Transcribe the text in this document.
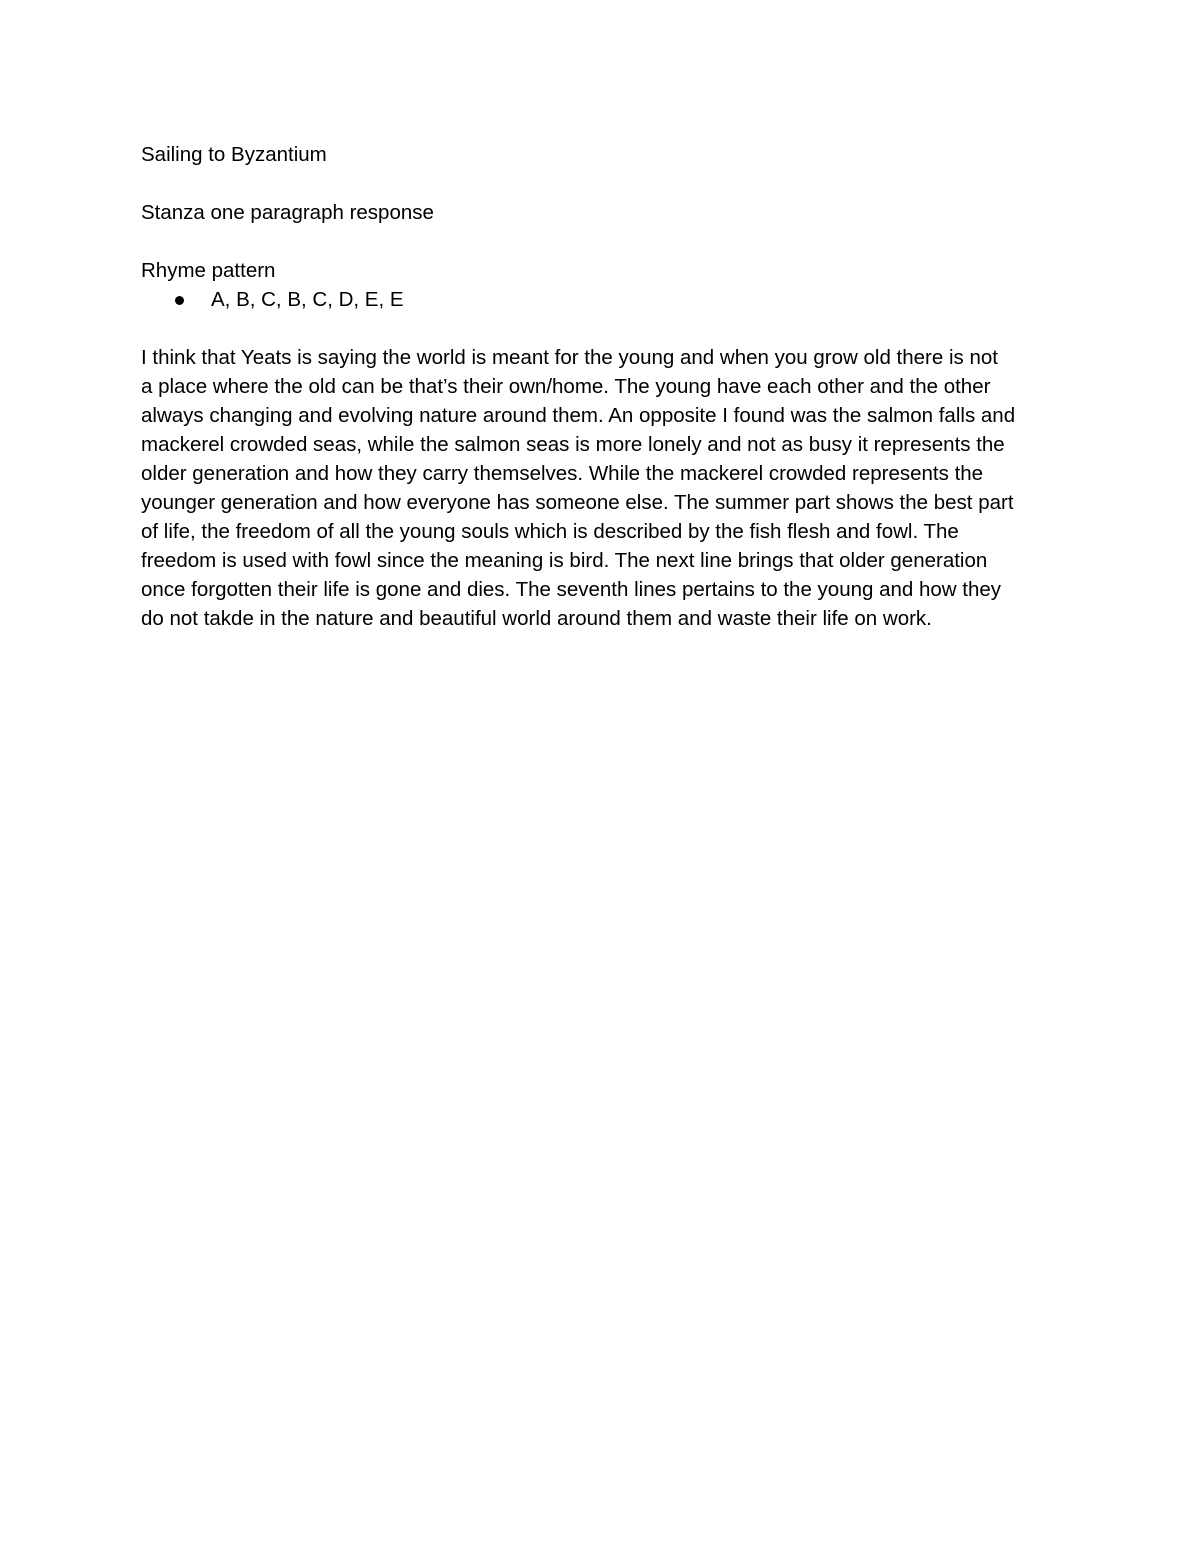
Sailing to Byzantium
Stanza one paragraph response
Rhyme pattern
A, B, C, B, C, D, E, E
I think that Yeats is saying the world is meant for the young and when you grow old there is not
a place where the old can be that’s their own/home. The young have each other and the other
always changing and evolving nature around them. An opposite I found was the salmon falls and
mackerel crowded seas, while the salmon seas is more lonely and not as busy it represents the
older generation and how they carry themselves. While the mackerel crowded represents the
younger generation and how everyone has someone else. The summer part shows the best part
of life, the freedom of all the young souls which is described by the fish flesh and fowl. The
freedom is used with fowl since the meaning is bird. The next line brings that older generation
once forgotten their life is gone and dies. The seventh lines pertains to the young and how they
do not takde in the nature and beautiful world around them and waste their life on work.
